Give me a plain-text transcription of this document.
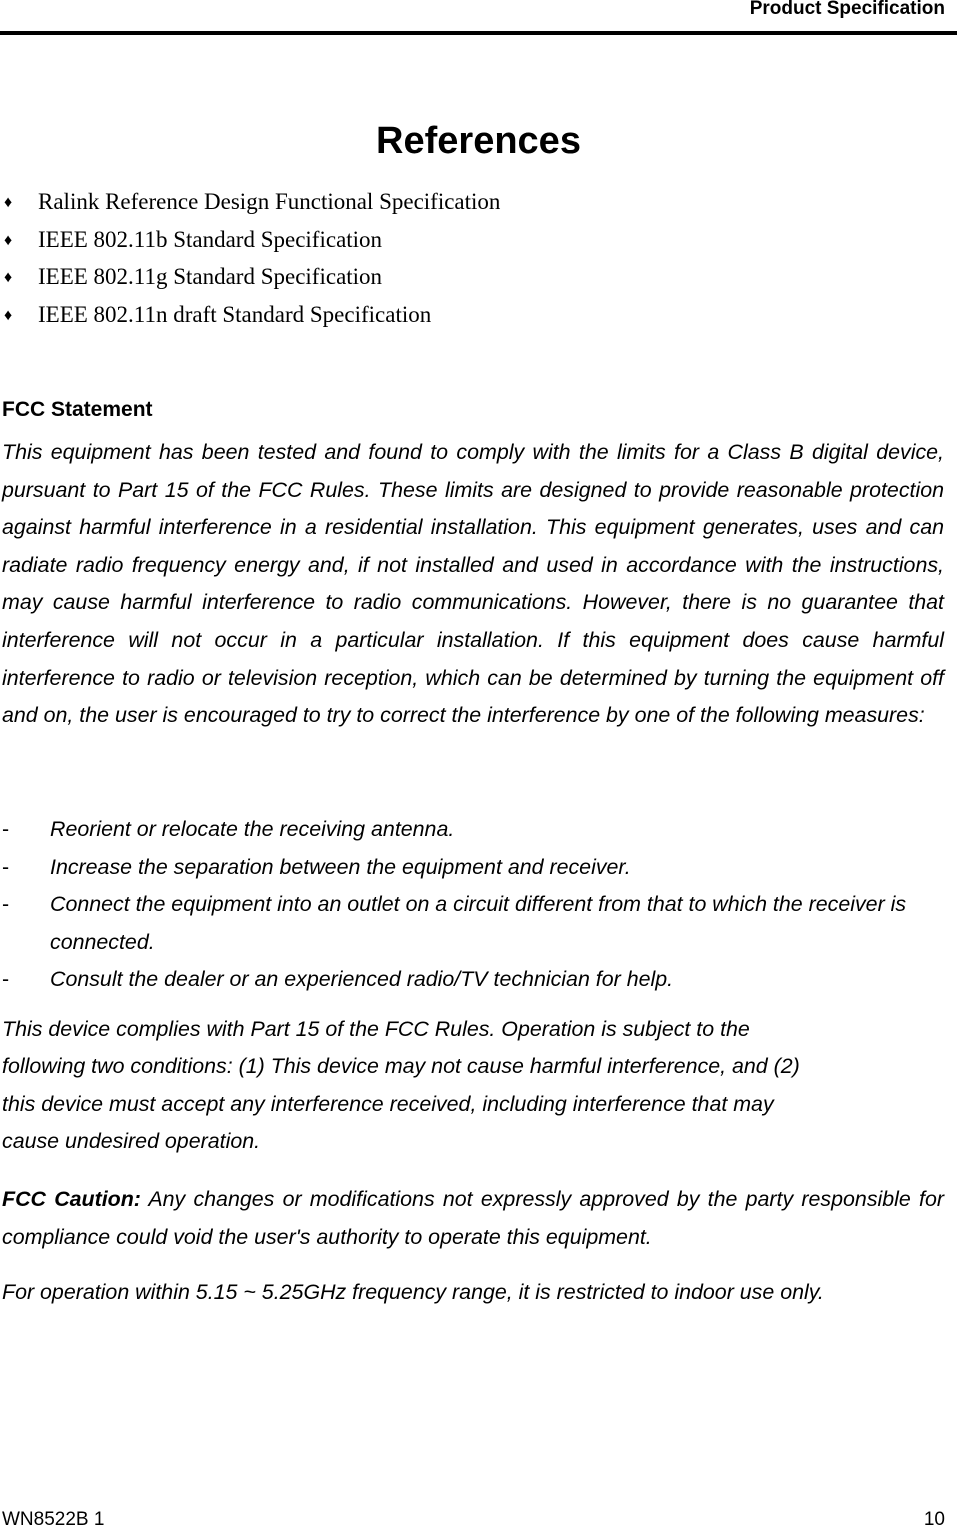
Product Specification
References
♦ Ralink Reference Design Functional Specification
♦ IEEE 802.11b Standard Specification
♦ IEEE 802.11g Standard Specification
♦ IEEE 802.11n draft Standard Specification
FCC Statement

This equipment has been tested and found to comply with the limits for a Class B digital device, pursuant to Part 15 of the FCC Rules. These limits are designed to provide reasonable protection against harmful interference in a residential installation. This equipment generates, uses and can radiate radio frequency energy and, if not installed and used in accordance with the instructions, may cause harmful interference to radio communications. However, there is no guarantee that interference will not occur in a particular installation. If this equipment does cause harmful interference to radio or television reception, which can be determined by turning the equipment off and on, the user is encouraged to try to correct the interference by one of the following measures:

- Reorient or relocate the receiving antenna.
- Increase the separation between the equipment and receiver.
- Connect the equipment into an outlet on a circuit different from that to which the receiver is connected.
- Consult the dealer or an experienced radio/TV technician for help.

This device complies with Part 15 of the FCC Rules. Operation is subject to the
following two conditions: (1) This device may not cause harmful interference, and (2)
this device must accept any interference received, including interference that may
cause undesired operation.

FCC Caution: Any changes or modifications not expressly approved by the party responsible for compliance could void the user's authority to operate this equipment.

For operation within 5.15 ~ 5.25GHz frequency range, it is restricted to indoor use only.

WN8522B 1	10
